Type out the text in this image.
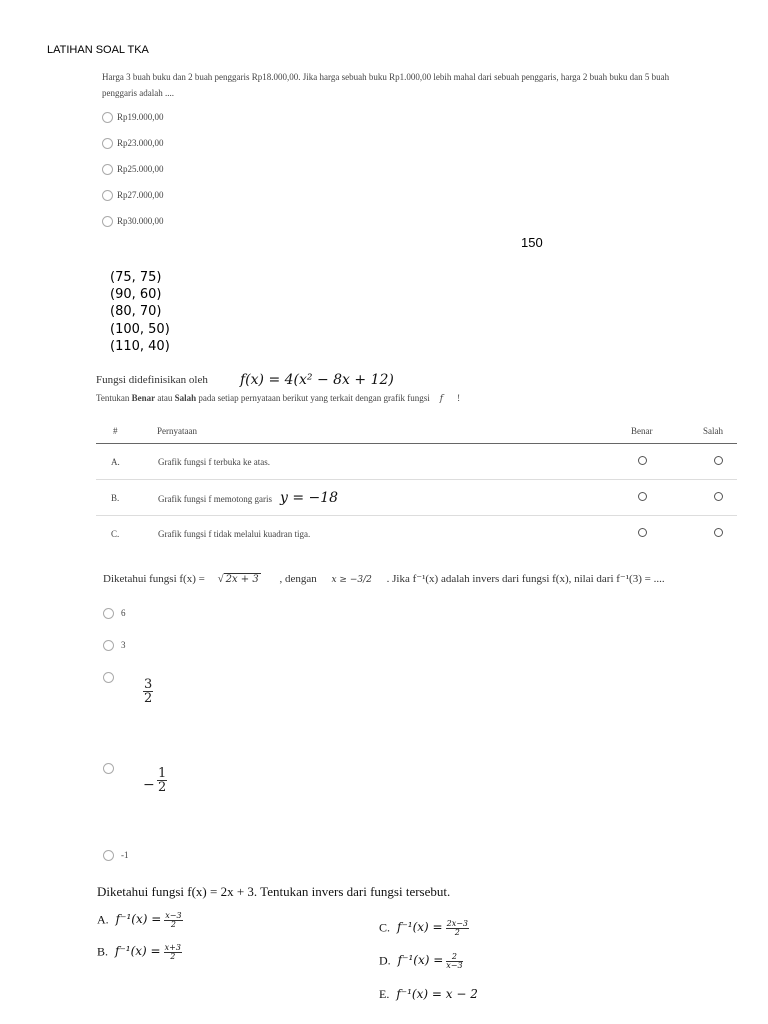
LATIHAN SOAL TKA
Harga 3 buah buku dan 2 buah penggaris Rp18.000,00. Jika harga sebuah buku Rp1.000,00 lebih mahal dari sebuah penggaris, harga 2 buah buku dan 5 buah
penggaris adalah ....
Rp19.000,00
Rp23.000,00
Rp25.000,00
Rp27.000,00
Rp30.000,00
150
(75, 75)
(90, 60)
(80, 70)
(100, 50)
(110, 40)
Fungsi didefinisikan oleh f(x) = 4(x² − 8x + 12)
Tentukan Benar atau Salah pada setiap pernyataan berikut yang terkait dengan grafik fungsi f !
#	Pernyataan	Benar	Salah
A.	Grafik fungsi f terbuka ke atas.		
B.	Grafik fungsi f memotong garis y = −18		
C.	Grafik fungsi f tidak melalui kuadran tiga.		
Diketahui fungsi f(x) = √ 2x + 3 , dengan x ≥ −3/2 . Jika f⁻¹(x) adalah invers dari fungsi f(x), nilai dari f⁻¹(3) = ....
6
3
$\frac{3}{2}$
− $\frac{1}{2}$
-1
Diketahui fungsi f(x) = 2x + 3. Tentukan invers dari fungsi tersebut.
A. $f^{-1}(x) = \frac{x-3}{2}$
B. $f^{-1}(x) = \frac{x+3}{2}$
C. $f^{-1}(x) = \frac{2x-3}{2}$
D. $f^{-1}(x) = \frac{2}{x-3}$
E. f⁻¹(x) = x − 2
